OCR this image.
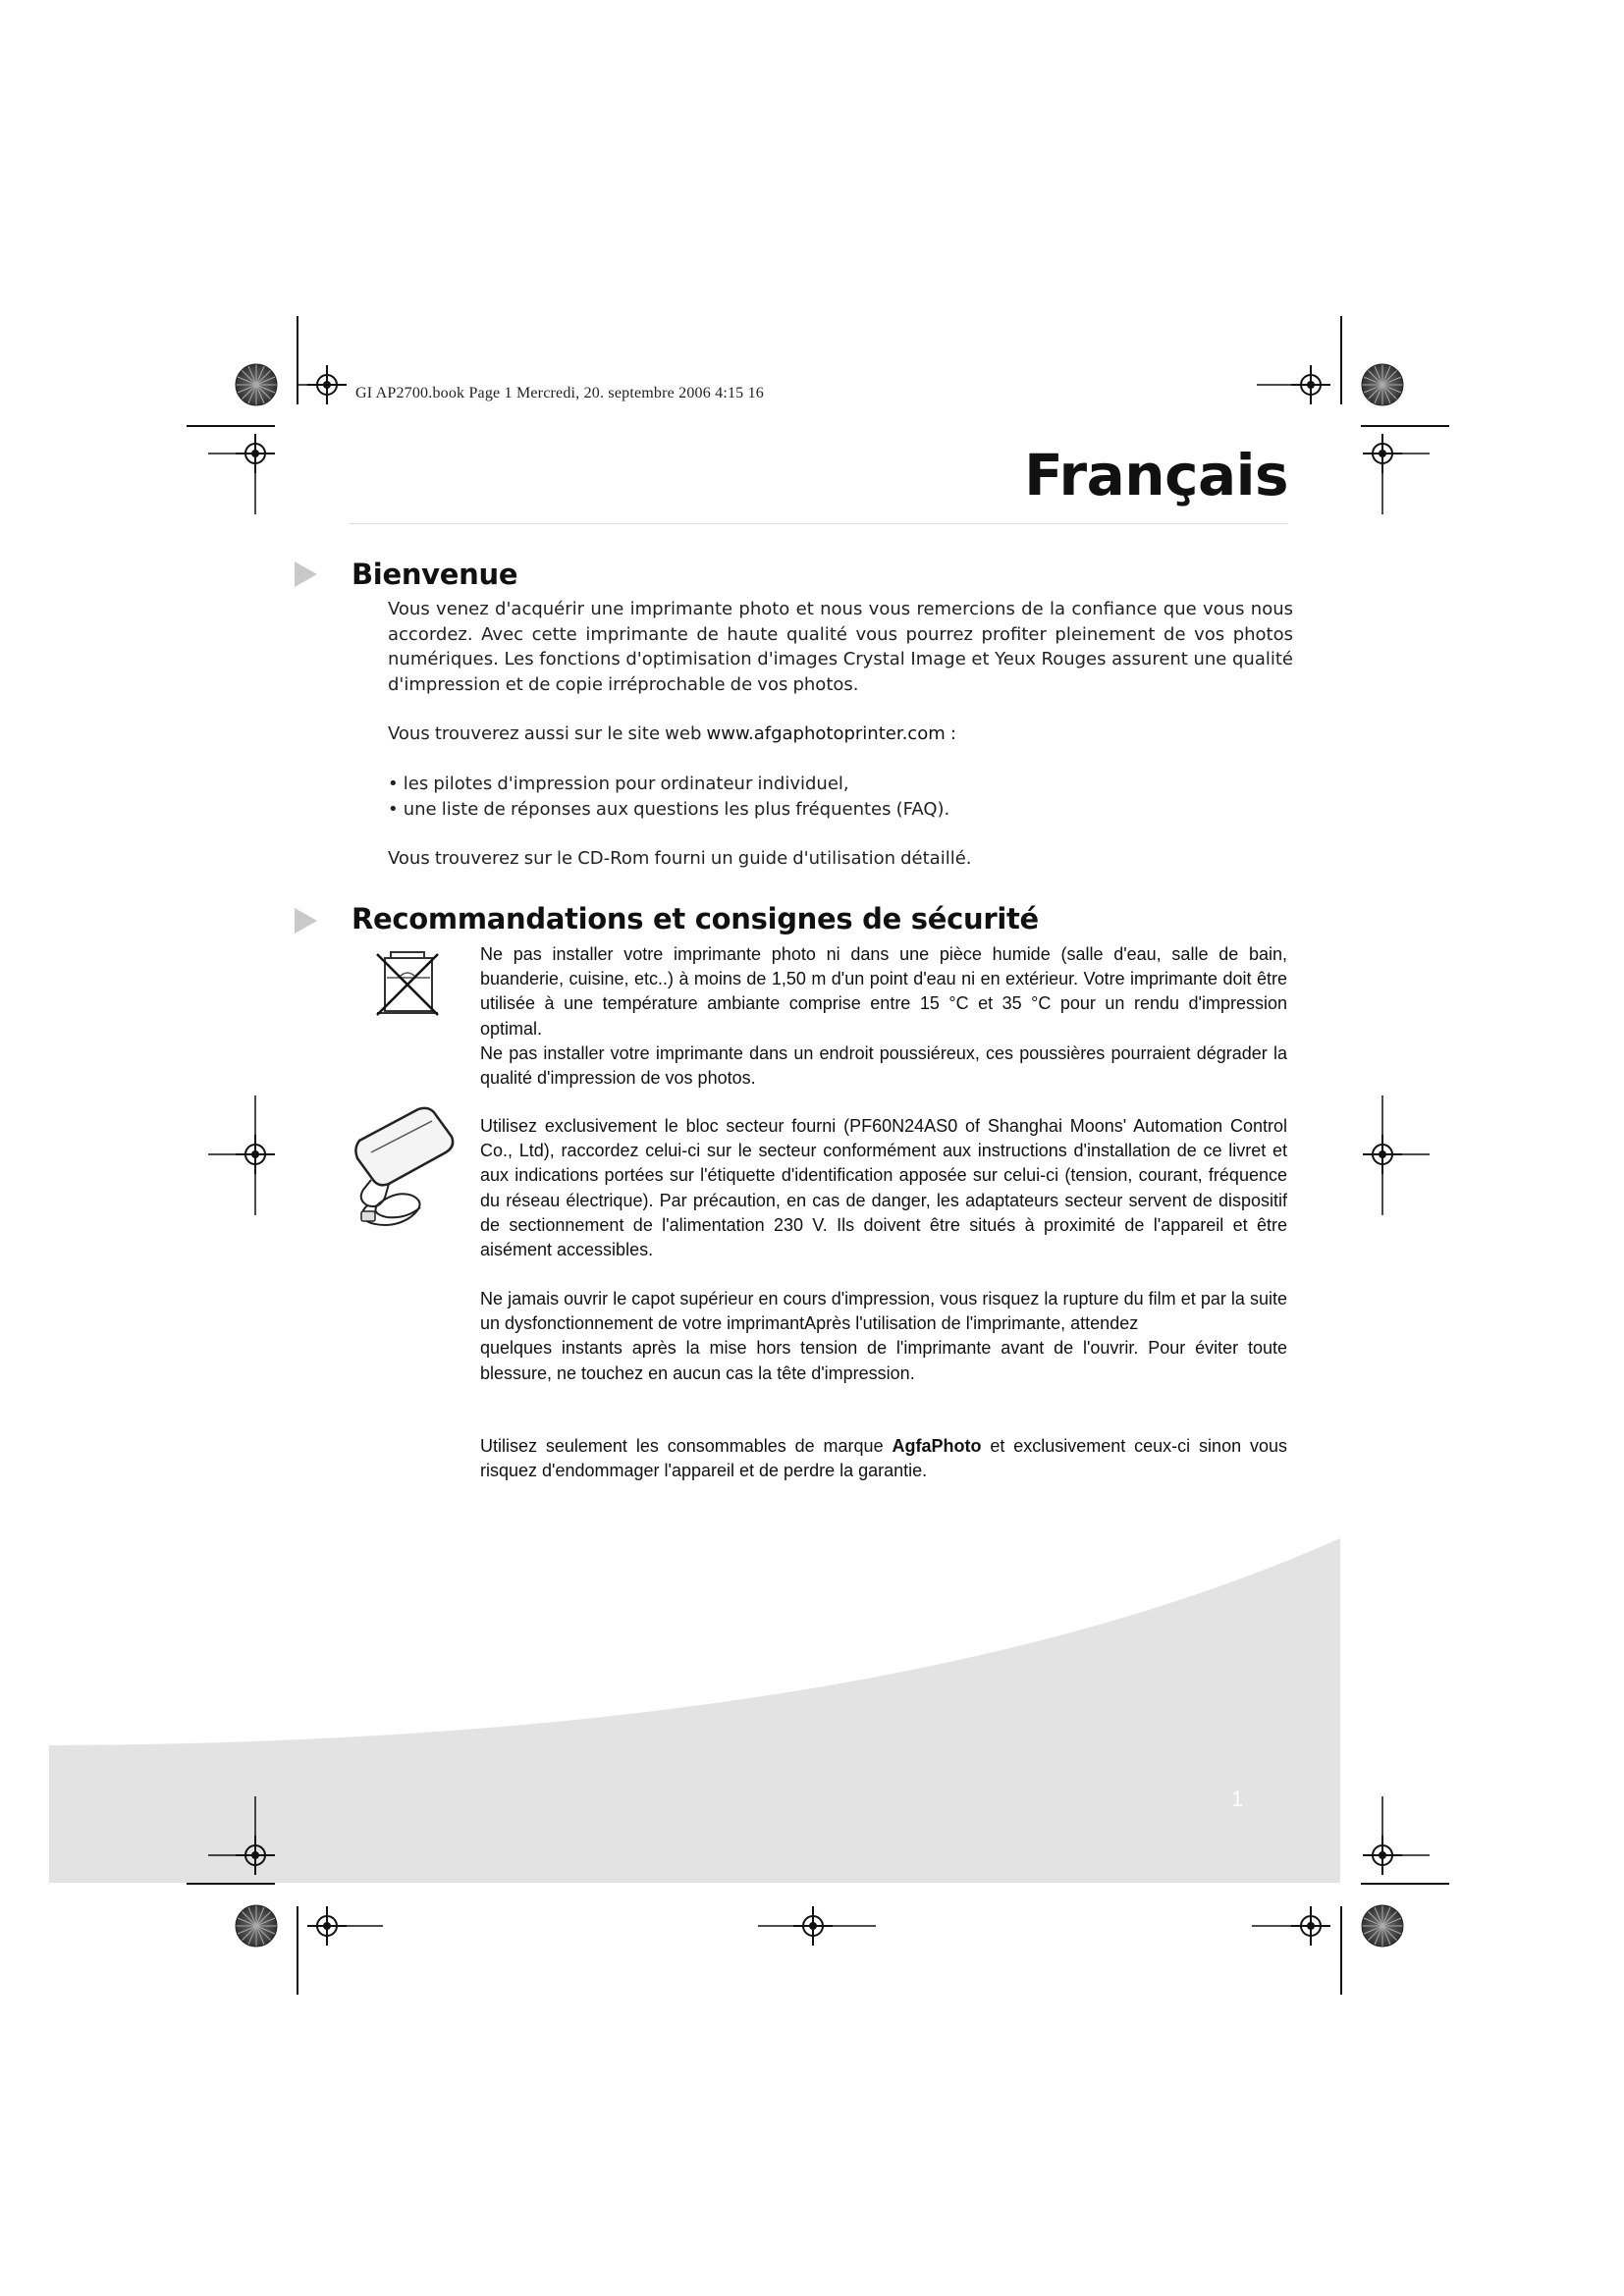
GI AP2700.book Page 1 Mercredi, 20. septembre 2006 4:15 16
Français
Bienvenue

Vous venez d'acquérir une imprimante photo et nous vous remercions de la confiance que vous nous accordez. Avec cette imprimante de haute qualité vous pourrez profiter pleinement de vos photos numériques. Les fonctions d'optimisation d'images Crystal Image et Yeux Rouges assurent une qualité d'impression et de copie irréprochable de vos photos.

Vous trouverez aussi sur le site web www.afgaphotoprinter.com :

• les pilotes d'impression pour ordinateur individuel,

• une liste de réponses aux questions les plus fréquentes (FAQ).

Vous trouverez sur le CD-Rom fourni un guide d'utilisation détaillé.

Recommandations et consignes de sécurité

Ne pas installer votre imprimante photo ni dans une pièce humide (salle d'eau, salle de bain, buanderie, cuisine, etc..) à moins de 1,50 m d'un point d'eau ni en extérieur. Votre imprimante doit être utilisée à une température ambiante comprise entre 15 °C et 35 °C pour un rendu d'impression optimal.

Ne pas installer votre imprimante dans un endroit poussiéreux, ces poussières pourraient dégrader la qualité d'impression de vos photos.

Utilisez exclusivement le bloc secteur fourni (PF60N24AS0 of Shanghai Moons' Automation Control Co., Ltd), raccordez celui-ci sur le secteur conformément aux instructions d'installation de ce livret et aux indications portées sur l'étiquette d'identification apposée sur celui-ci (tension, courant, fréquence du réseau électrique). Par précaution, en cas de danger, les adaptateurs secteur servent de dispositif de sectionnement de l'alimentation 230 V. Ils doivent être situés à proximité de l'appareil et être aisément accessibles.

Ne jamais ouvrir le capot supérieur en cours d'impression, vous risquez la rupture du film et par la suite un dysfonctionnement de votre imprimantAprès l'utilisation de l'imprimante, attendez

quelques instants après la mise hors tension de l'imprimante avant de l'ouvrir. Pour éviter toute blessure, ne touchez en aucun cas la tête d'impression.

Utilisez seulement les consommables de marque AgfaPhoto et exclusivement ceux-ci sinon vous risquez d'endommager l'appareil et de perdre la garantie.

1
